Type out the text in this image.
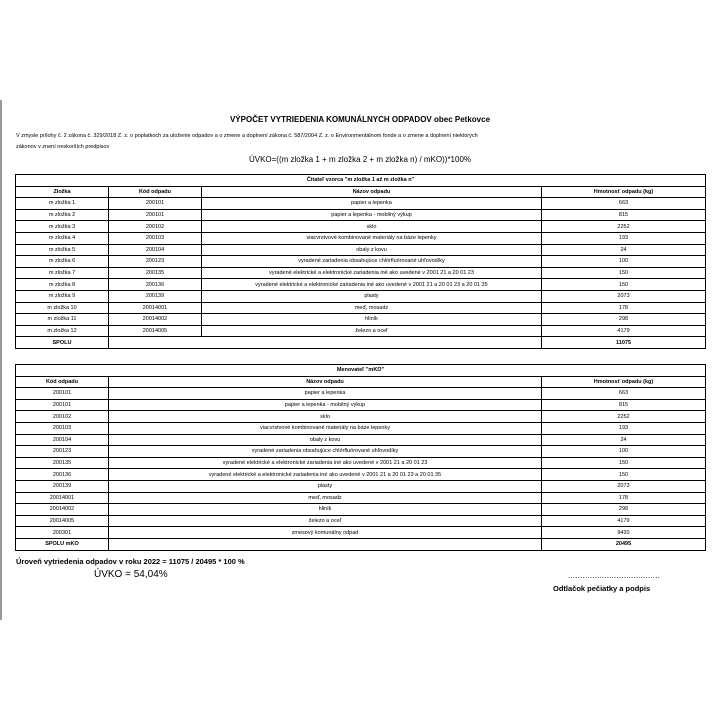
VÝPOČET VYTRIEDENIA KOMUNÁLNYCH ODPADOV obec Petkovce
V zmysle prílohy č. 2 zákona č. 329/2018 Z. z. o poplatkoch za uloženie odpadov a o zmene a doplnení zákona č. 587/2004 Z. z. o Environmentálnom fonde a o zmene a doplnení niektorých
zákonov v znení neskorších predpisov
ÚVKO=((m zložka 1 + m zložka 2 + m zložka n) / mKO))*100%
Čitateľ vzorca "m zložka 1 až m zložka n"			
Zložka	Kód odpadu	Názov odpadu	Hmotnosť odpadu (kg)
m zložka 1	200101	papier a lepenka	663
m zložka 2	200101	papier a lepenka - mobilný výkup	815
m zložka 3	200102	sklo	2252
m zložka 4	200103	viacvrstvové kombinované materiály na báze lepenky	193
m zložka 5	200104	obaly z kovu	24
m zložka 6	200123	vyradené zariadenia obsahujúce chlórfluórované uhľovodíky	100
m zložka 7	200135	vyradené elektrické a elektronické zariadenia iné ako uvedené v 2001 21 a 20 01 23	150
m zložka 8	200136	vyradené elektrické a elektronické zariadenia iné ako uvedené v 2001 21 a 20 01 23 a 20 01 35	150
m zložka 9	200139	plasty	2073
m zložka 10	20014001	meď, mosadz	178
m zložka 11	20014002	hliník	298
m zložka 12	20014005	železo a oceľ	4179
SPOLU			11075
Menovateľ "mKO"		
Kód odpadu	Názov odpadu	Hmotnosť odpadu (kg)
200101	papier a lepenka	663
200101	papier a lepenka - mobilný výkup	815
200102	sklo	2252
200103	viacvrstvové kombinované materiály na báze lepenky	193
200104	obaly z kovu	24
200123	vyradené zariadenia obsahujúce chlórfluórované uhľovodíky	100
200135	vyradené elektrické a elektronické zariadenia iné ako uvedené v 2001 21 a 20 01 23	150
200136	vyradené elektrické a elektronické zariadenia iné ako uvedené v 2001 21 a 20 01 23 a 20 01 35	150
200139	plasty	2073
20014001	meď, mosadz	178
20014002	hliník	298
20014005	železo a oceľ	4179
200301	zmesový komunálny odpad	9420
SPOLU mKO		20495
Úroveň vytriedenia odpadov v roku 2022 = 11075 / 20495 * 100 %
ÚVKO = 54,04%	......................................
Odtlačok pečiatky a podpis
